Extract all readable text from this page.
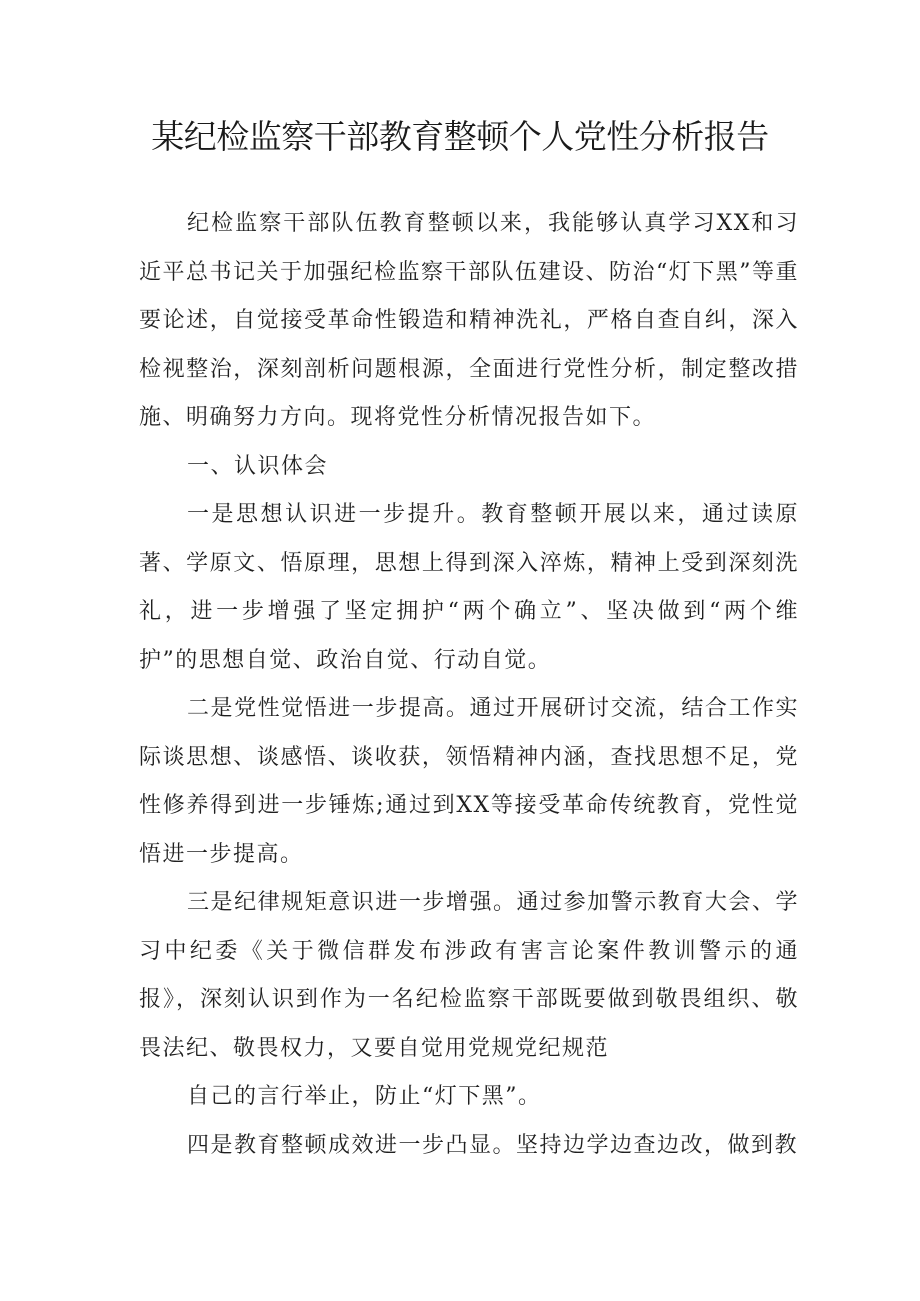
某纪检监察干部教育整顿个人党性分析报告

纪检监察干部队伍教育整顿以来，我能够认真学习XX和习近平总书记关于加强纪检监察干部队伍建设、防治“灯下黑”等重要论述，自觉接受革命性锻造和精神洗礼，严格自查自纠，深入检视整治，深刻剖析问题根源，全面进行党性分析，制定整改措施、明确努力方向。现将党性分析情况报告如下。

一、认识体会

一是思想认识进一步提升。教育整顿开展以来，通过读原著、学原文、悟原理，思想上得到深入淬炼，精神上受到深刻洗礼，进一步增强了坚定拥护“两个确立”、坚决做到“两个维护”的思想自觉、政治自觉、行动自觉。

二是党性觉悟进一步提高。通过开展研讨交流，结合工作实际谈思想、谈感悟、谈收获，领悟精神内涵，查找思想不足，党性修养得到进一步锤炼;通过到XX等接受革命传统教育，党性觉悟进一步提高。

三是纪律规矩意识进一步增强。通过参加警示教育大会、学习中纪委《关于微信群发布涉政有害言论案件教训警示的通报》，深刻认识到作为一名纪检监察干部既要做到敬畏组织、敬畏法纪、敬畏权力，又要自觉用党规党纪规范

自己的言行举止，防止“灯下黑”。

四是教育整顿成效进一步凸显。坚持边学边查边改，做到教
